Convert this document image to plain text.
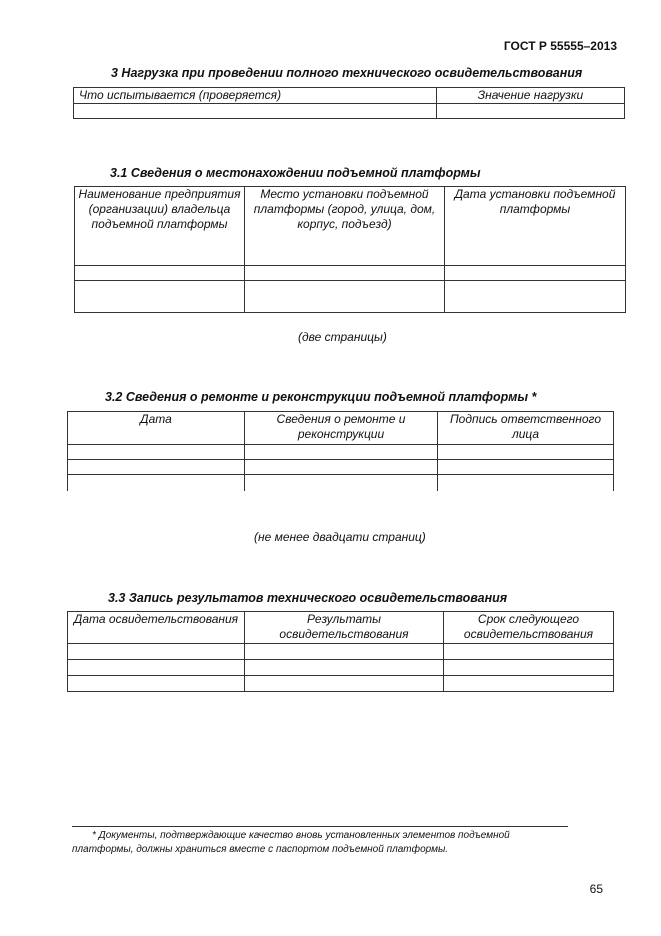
ГОСТ Р 55555–2013
3 Нагрузка при проведении полного технического освидетельствования
Что испытывается (проверяется)	Значение нагрузки

3.1 Сведения о местонахождении подъемной платформы
Наименование предприятия (организации) владельца подъемной платформы	Место установки подъемной платформы (город, улица, дом, корпус, подъезд)	Дата установки подъемной платформы

(две страницы)
3.2 Сведения о ремонте и реконструкции подъемной платформы *
Дата	Сведения о ремонте и реконструкции	Подпись ответственного лица

(не менее двадцати страниц)
3.3 Запись результатов технического освидетельствования
Дата освидетельствования	Результаты освидетельствования	Срок следующего освидетельствования

* Документы, подтверждающие качество вновь установленных элементов подъемной
платформы, должны храниться вместе с паспортом подъемной платформы.
65
